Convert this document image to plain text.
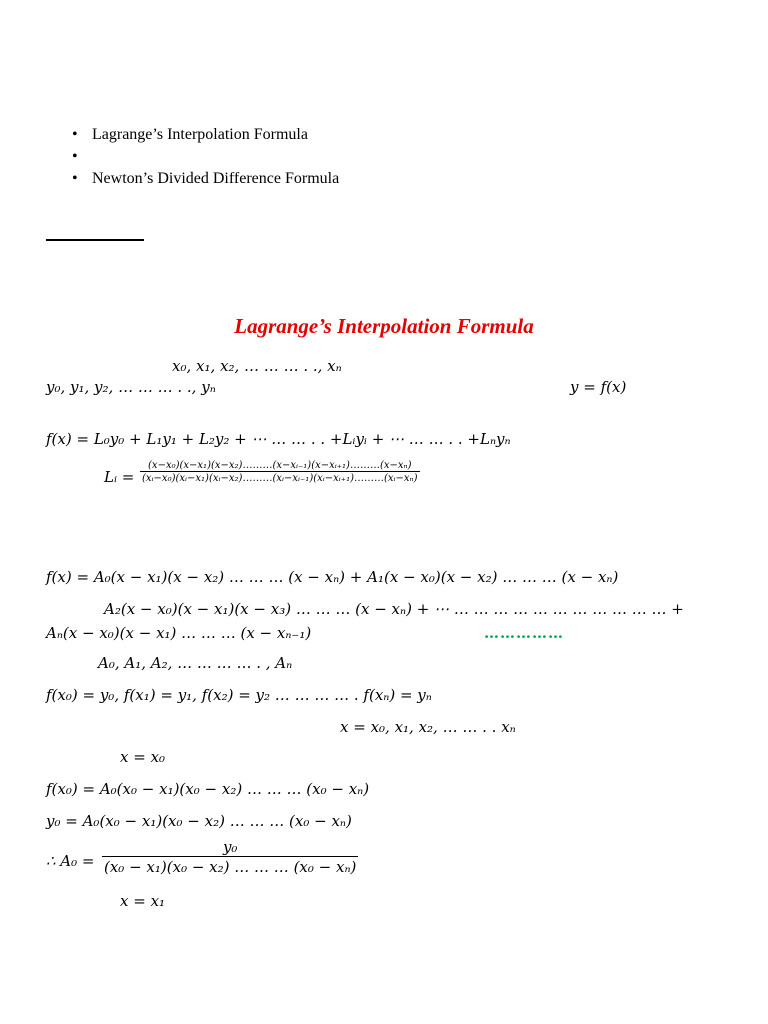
• Lagrange’s Interpolation Formula
•
• Newton’s Divided Difference Formula
Lagrange’s Interpolation Formula
x₀, x₁, x₂, … … … . ., xₙ
y₀, y₁, y₂, … … … . ., yₙ	y = f(x)
f(x) = L₀y₀ + L₁y₁ + L₂y₂ + ⋯ … … . . +Lᵢyᵢ + ⋯ … … . . +Lₙyₙ
Lᵢ = $\frac{\text{(x−x₀)(x−x₁)(x−x₂)………(x−xᵢ₋₁)(x−xᵢ₊₁)………(x−xₙ)}}{\text{(xᵢ−x₀)(xᵢ−x₁)(xᵢ−x₂)………(xᵢ−xᵢ₋₁)(xᵢ−xᵢ₊₁)………(xᵢ−xₙ)}}$
f(x) = A₀(x − x₁)(x − x₂) … … … (x − xₙ) + A₁(x − x₀)(x − x₂) … … … (x − xₙ)
A₂(x − x₀)(x − x₁)(x − x₃) … … … (x − xₙ) + ⋯ … … … … … … … … … … … +
Aₙ(x − x₀)(x − x₁) … … … (x − xₙ₋₁)	……………
A₀, A₁, A₂, … … … … . , Aₙ
f(x₀) = y₀, f(x₁) = y₁, f(x₂) = y₂ … … … … . f(xₙ) = yₙ
x = x₀, x₁, x₂, … … . . xₙ
x = x₀
f(x₀) = A₀(x₀ − x₁)(x₀ − x₂) … … … (x₀ − xₙ)
y₀ = A₀(x₀ − x₁)(x₀ − x₂) … … … (x₀ − xₙ)
∴ $A_0 = \frac{\text{y₀}}{\text{(x₀ − x₁)(x₀ − x₂) … … … (x₀ − xₙ)}}$
x = x₁
